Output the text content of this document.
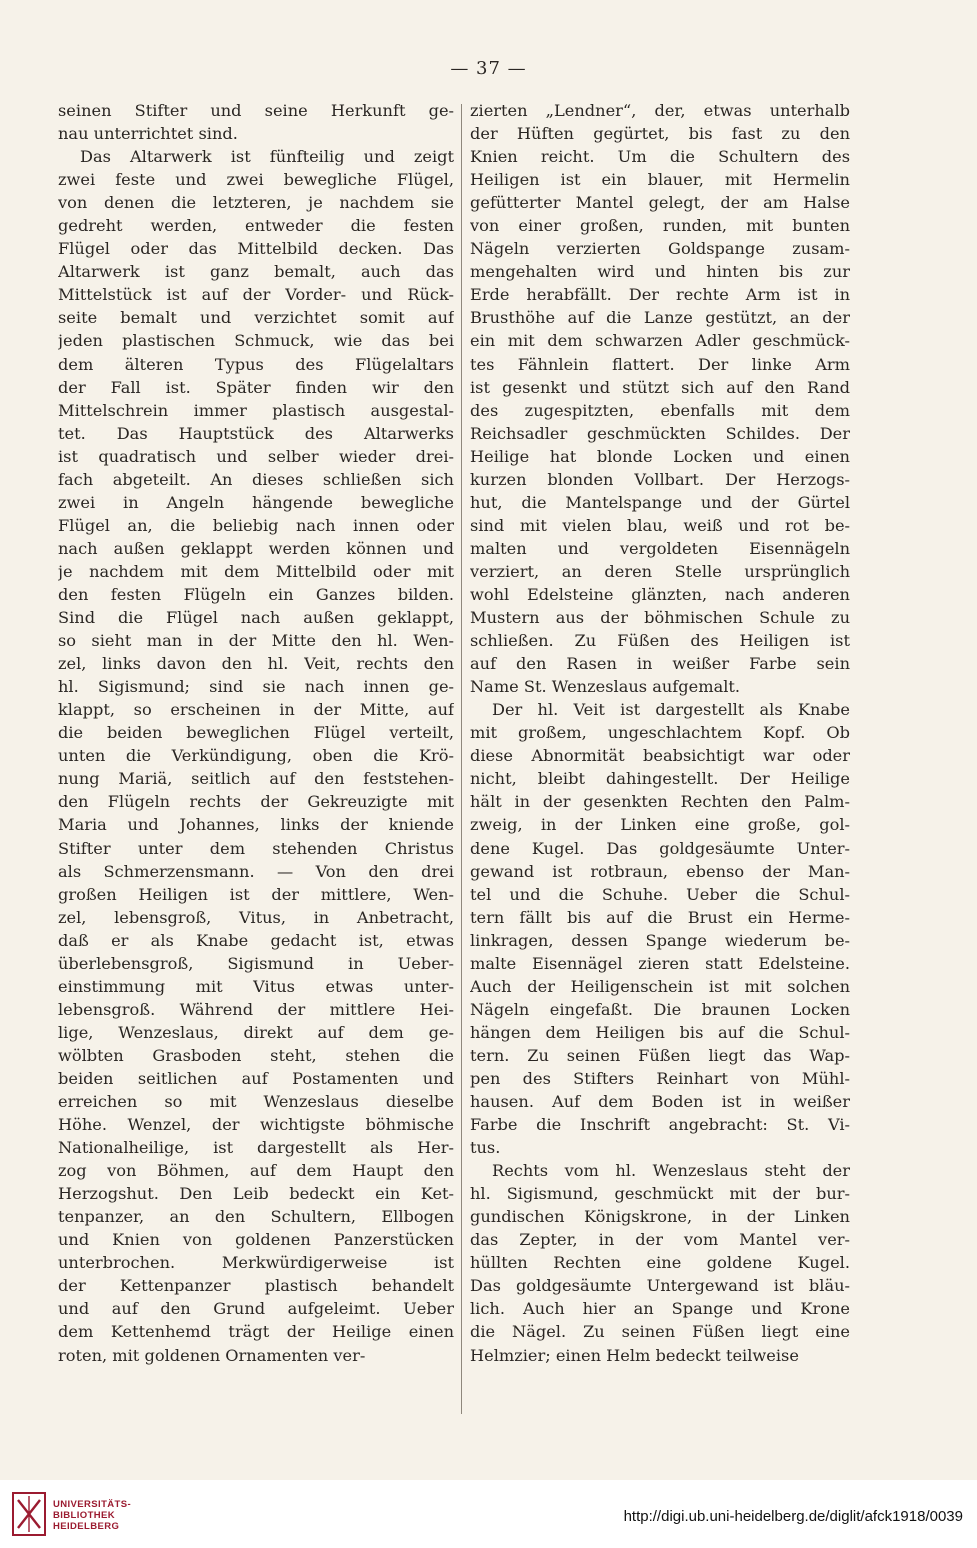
— 37 —
seinen Stifter und seine Herkunft ge-
nau unterrichtet sind.
Das Altarwerk ist fünfteilig und zeigt
zwei feste und zwei bewegliche Flügel,
von denen die letzteren, je nachdem sie
gedreht werden, entweder die festen
Flügel oder das Mittelbild decken. Das
Altarwerk ist ganz bemalt, auch das
Mittelstück ist auf der Vorder- und Rück-
seite bemalt und verzichtet somit auf
jeden plastischen Schmuck, wie das bei
dem älteren Typus des Flügelaltars
der Fall ist. Später finden wir den
Mittelschrein immer plastisch ausgestal-
tet. Das Hauptstück des Altarwerks
ist quadratisch und selber wieder drei-
fach abgeteilt. An dieses schließen sich
zwei in Angeln hängende bewegliche
Flügel an, die beliebig nach innen oder
nach außen geklappt werden können und
je nachdem mit dem Mittelbild oder mit
den festen Flügeln ein Ganzes bilden.
Sind die Flügel nach außen geklappt,
so sieht man in der Mitte den hl. Wen-
zel, links davon den hl. Veit, rechts den
hl. Sigismund; sind sie nach innen ge-
klappt, so erscheinen in der Mitte, auf
die beiden beweglichen Flügel verteilt,
unten die Verkündigung, oben die Krö-
nung Mariä, seitlich auf den feststehen-
den Flügeln rechts der Gekreuzigte mit
Maria und Johannes, links der kniende
Stifter unter dem stehenden Christus
als Schmerzensmann. — Von den drei
großen Heiligen ist der mittlere, Wen-
zel, lebensgroß, Vitus, in Anbetracht,
daß er als Knabe gedacht ist, etwas
überlebensgroß, Sigismund in Ueber-
einstimmung mit Vitus etwas unter-
lebensgroß. Während der mittlere Hei-
lige, Wenzeslaus, direkt auf dem ge-
wölbten Grasboden steht, stehen die
beiden seitlichen auf Postamenten und
erreichen so mit Wenzeslaus dieselbe
Höhe. Wenzel, der wichtigste böhmische
Nationalheilige, ist dargestellt als Her-
zog von Böhmen, auf dem Haupt den
Herzogshut. Den Leib bedeckt ein Ket-
tenpanzer, an den Schultern, Ellbogen
und Knien von goldenen Panzerstücken
unterbrochen. Merkwürdigerweise ist
der Kettenpanzer plastisch behandelt
und auf den Grund aufgeleimt. Ueber
dem Kettenhemd trägt der Heilige einen
roten, mit goldenen Ornamenten ver-
zierten „Lendner“, der, etwas unterhalb
der Hüften gegürtet, bis fast zu den
Knien reicht. Um die Schultern des
Heiligen ist ein blauer, mit Hermelin
gefütterter Mantel gelegt, der am Halse
von einer großen, runden, mit bunten
Nägeln verzierten Goldspange zusam-
mengehalten wird und hinten bis zur
Erde herabfällt. Der rechte Arm ist in
Brusthöhe auf die Lanze gestützt, an der
ein mit dem schwarzen Adler geschmück-
tes Fähnlein flattert. Der linke Arm
ist gesenkt und stützt sich auf den Rand
des zugespitzten, ebenfalls mit dem
Reichsadler geschmückten Schildes. Der
Heilige hat blonde Locken und einen
kurzen blonden Vollbart. Der Herzogs-
hut, die Mantelspange und der Gürtel
sind mit vielen blau, weiß und rot be-
malten und vergoldeten Eisennägeln
verziert, an deren Stelle ursprünglich
wohl Edelsteine glänzten, nach anderen
Mustern aus der böhmischen Schule zu
schließen. Zu Füßen des Heiligen ist
auf den Rasen in weißer Farbe sein
Name St. Wenzeslaus aufgemalt.
Der hl. Veit ist dargestellt als Knabe
mit großem, ungeschlachtem Kopf. Ob
diese Abnormität beabsichtigt war oder
nicht, bleibt dahingestellt. Der Heilige
hält in der gesenkten Rechten den Palm-
zweig, in der Linken eine große, gol-
dene Kugel. Das goldgesäumte Unter-
gewand ist rotbraun, ebenso der Man-
tel und die Schuhe. Ueber die Schul-
tern fällt bis auf die Brust ein Herme-
linkragen, dessen Spange wiederum be-
malte Eisennägel zieren statt Edelsteine.
Auch der Heiligenschein ist mit solchen
Nägeln eingefaßt. Die braunen Locken
hängen dem Heiligen bis auf die Schul-
tern. Zu seinen Füßen liegt das Wap-
pen des Stifters Reinhart von Mühl-
hausen. Auf dem Boden ist in weißer
Farbe die Inschrift angebracht: St. Vi-
tus.
Rechts vom hl. Wenzeslaus steht der
hl. Sigismund, geschmückt mit der bur-
gundischen Königskrone, in der Linken
das Zepter, in der vom Mantel ver-
hüllten Rechten eine goldene Kugel.
Das goldgesäumte Untergewand ist bläu-
lich. Auch hier an Spange und Krone
die Nägel. Zu seinen Füßen liegt eine
Helmzier; einen Helm bedeckt teilweise
UNIVERSITÄTS-
BIBLIOTHEK
HEIDELBERG
http://digi.ub.uni-heidelberg.de/diglit/afck1918/0039
